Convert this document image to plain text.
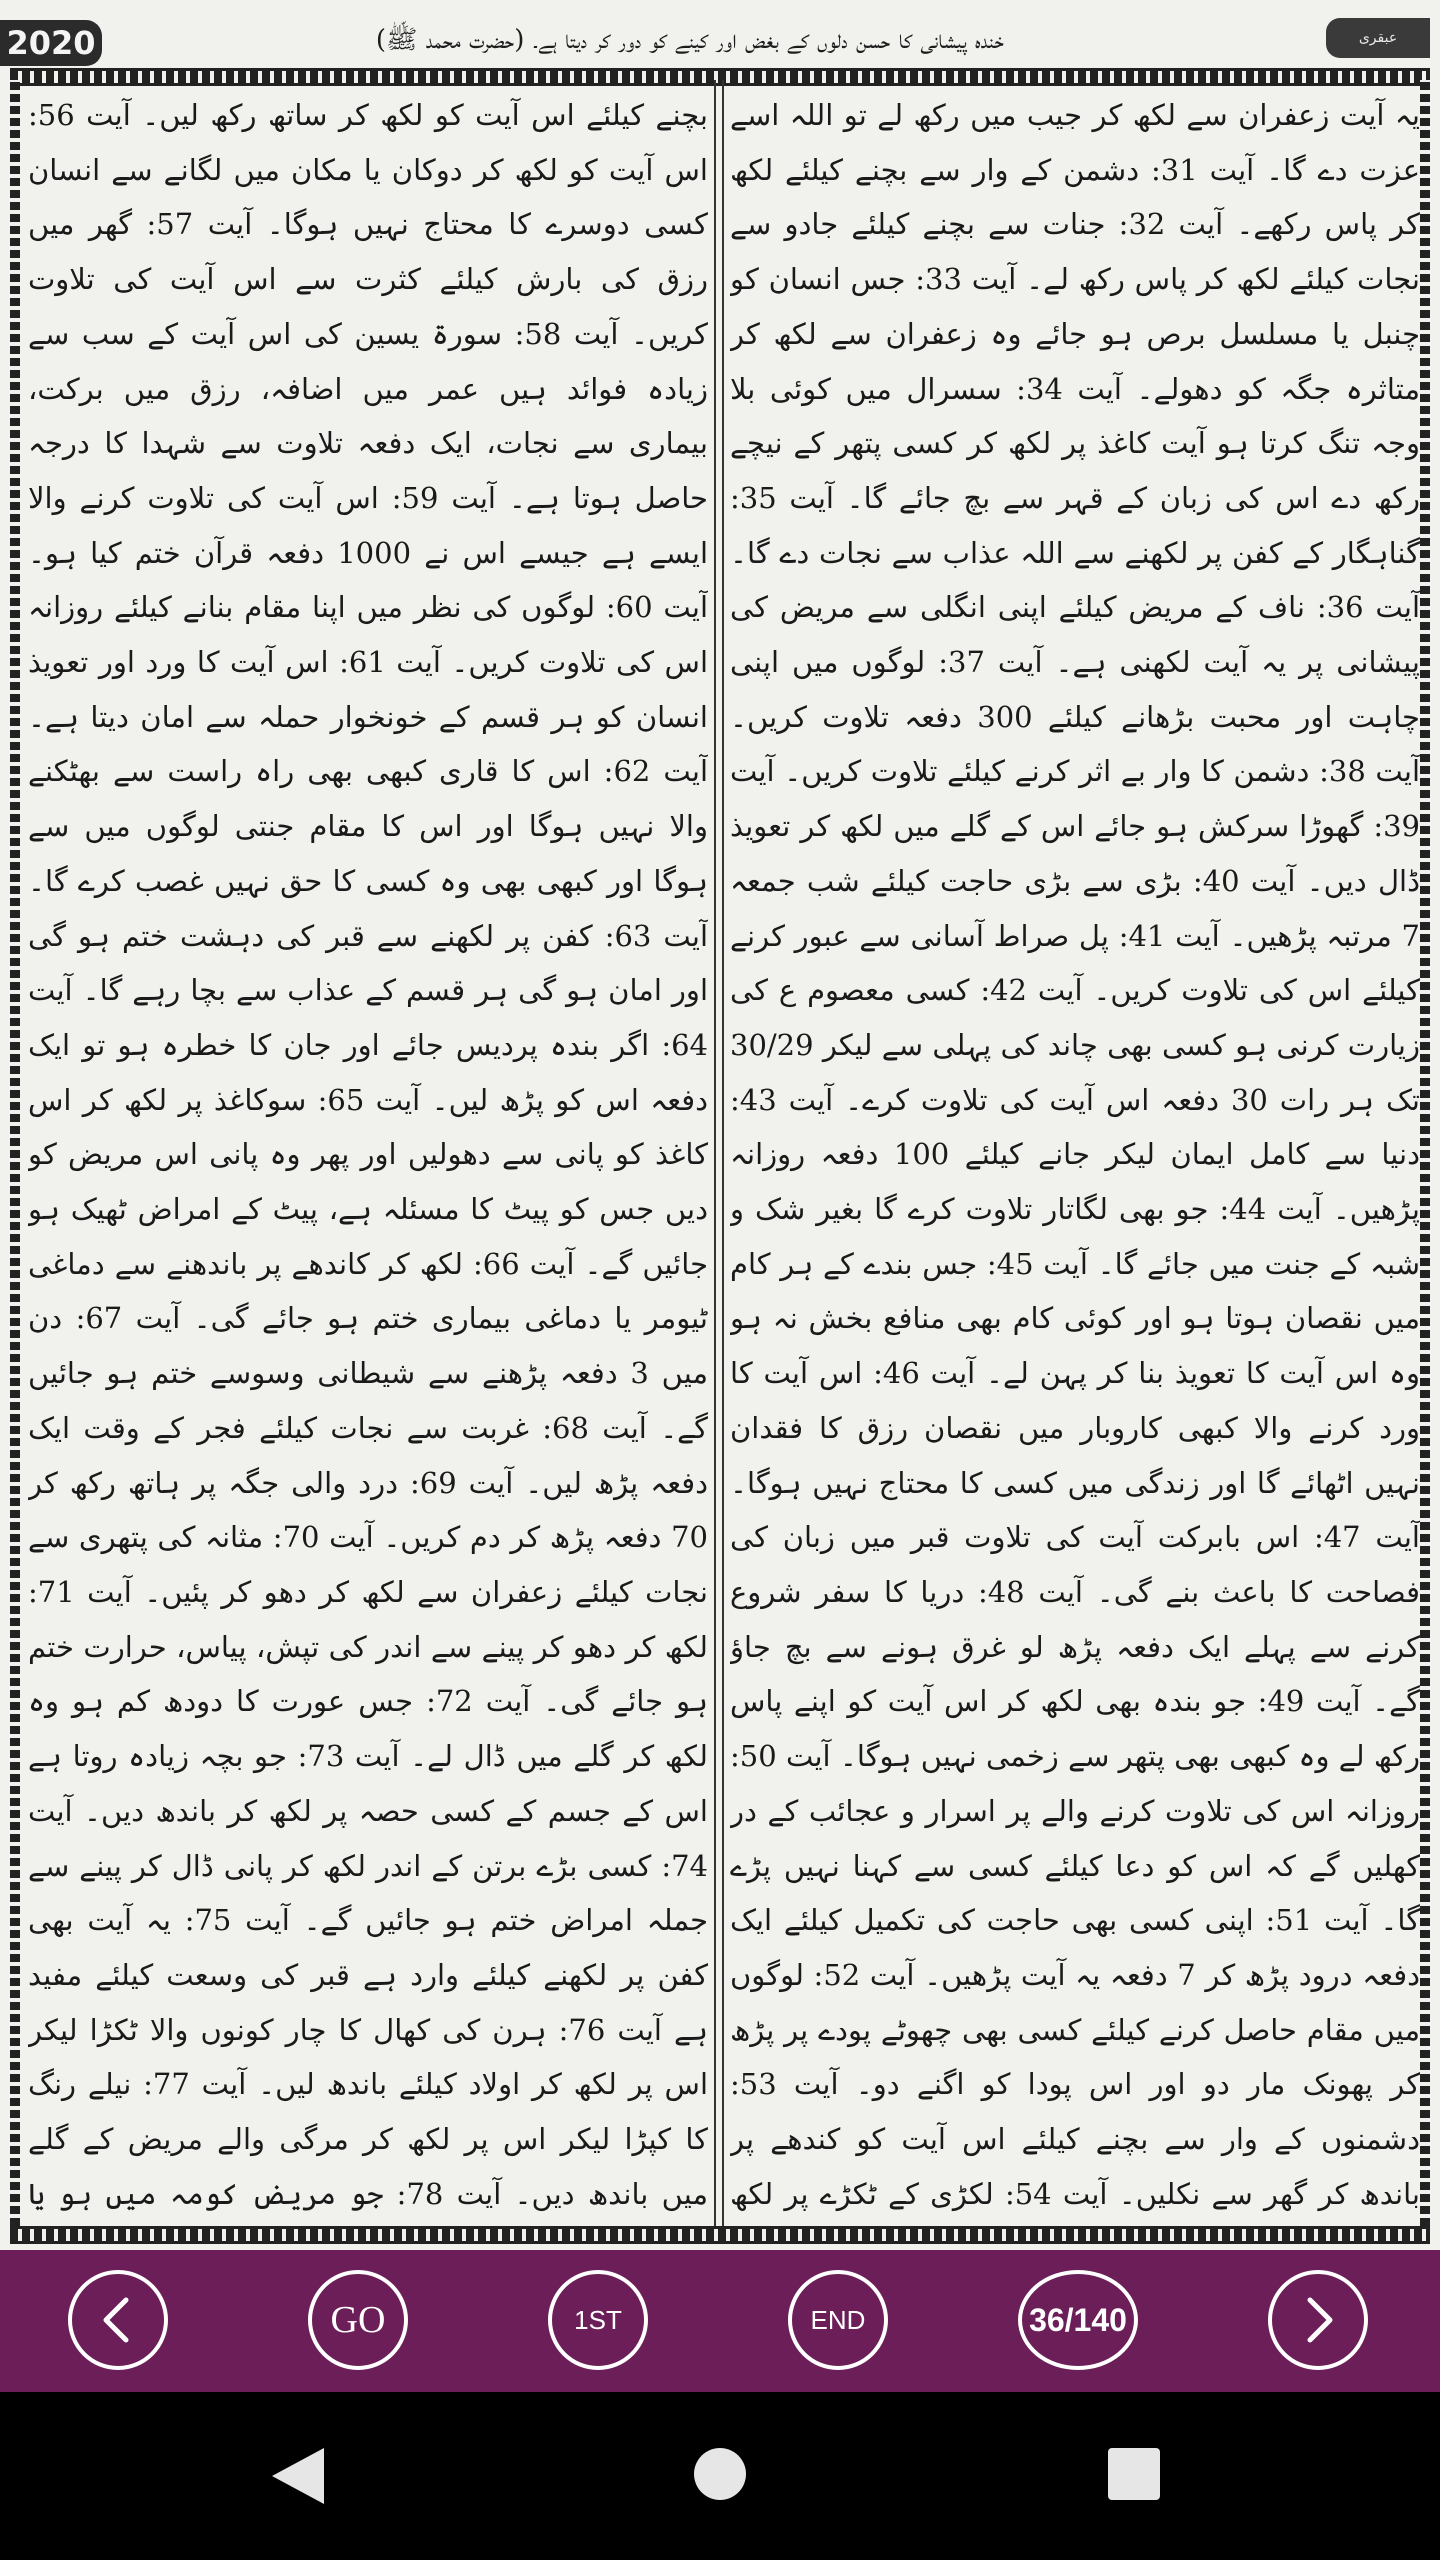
2020	خندہ پیشانی کا حسن دلوں کے بغض اور کینے کو دور کر دیتا ہے۔ (حضرت محمد ﷺ)	عبقری

یہ آیت زعفران سے لکھ کر جیب میں رکھ لے تو اللہ اسے عزت دے گا۔ آیت 31: دشمن کے وار سے بچنے کیلئے لکھ کر پاس رکھے۔ آیت 32: جنات سے بچنے کیلئے جادو سے نجات کیلئے لکھ کر پاس رکھ لے۔ آیت 33: جس انسان کو چنبل یا مسلسل برص ہو جائے وہ زعفران سے لکھ کر متاثرہ جگہ کو دھولے۔ آیت 34: سسرال میں کوئی بلا وجہ تنگ کرتا ہو آیت کاغذ پر لکھ کر کسی پتھر کے نیچے رکھ دے اس کی زبان کے قہر سے بچ جائے گا۔ آیت 35: گناہگار کے کفن پر لکھنے سے اللہ عذاب سے نجات دے گا۔ آیت 36: ناف کے مریض کیلئے اپنی انگلی سے مریض کی پیشانی پر یہ آیت لکھنی ہے۔ آیت 37: لوگوں میں اپنی چاہت اور محبت بڑھانے کیلئے 300 دفعہ تلاوت کریں۔ آیت 38: دشمن کا وار بے اثر کرنے کیلئے تلاوت کریں۔ آیت 39: گھوڑا سرکش ہو جائے اس کے گلے میں لکھ کر تعویذ ڈال دیں۔ آیت 40: بڑی سے بڑی حاجت کیلئے شب جمعہ 7 مرتبہ پڑھیں۔ آیت 41: پل صراط آسانی سے عبور کرنے کیلئے اس کی تلاوت کریں۔ آیت 42: کسی معصوم ع کی زیارت کرنی ہو کسی بھی چاند کی پہلی سے لیکر 30/29 تک ہر رات 30 دفعہ اس آیت کی تلاوت کرے۔ آیت 43: دنیا سے کامل ایمان لیکر جانے کیلئے 100 دفعہ روزانہ پڑھیں۔ آیت 44: جو بھی لگاتار تلاوت کرے گا بغیر شک و شبہ کے جنت میں جائے گا۔ آیت 45: جس بندے کے ہر کام میں نقصان ہوتا ہو اور کوئی کام بھی منافع بخش نہ ہو وہ اس آیت کا تعویذ بنا کر پہن لے۔ آیت 46: اس آیت کا ورد کرنے والا کبھی کاروبار میں نقصان رزق کا فقدان نہیں اٹھائے گا اور زندگی میں کسی کا محتاج نہیں ہوگا۔ آیت 47: اس بابرکت آیت کی تلاوت قبر میں زبان کی فصاحت کا باعث بنے گی۔ آیت 48: دریا کا سفر شروع کرنے سے پہلے ایک دفعہ پڑھ لو غرق ہونے سے بچ جاؤ گے۔ آیت 49: جو بندہ بھی لکھ کر اس آیت کو اپنے پاس رکھ لے وہ کبھی بھی پتھر سے زخمی نہیں ہوگا۔ آیت 50: روزانہ اس کی تلاوت کرنے والے پر اسرار و عجائب کے در کھلیں گے کہ اس کو دعا کیلئے کسی سے کہنا نہیں پڑے گا۔ آیت 51: اپنی کسی بھی حاجت کی تکمیل کیلئے ایک دفعہ درود پڑھ کر 7 دفعہ یہ آیت پڑھیں۔ آیت 52: لوگوں میں مقام حاصل کرنے کیلئے کسی بھی چھوٹے پودے پر پڑھ کر پھونک مار دو اور اس پودا کو اگنے دو۔ آیت 53: دشمنوں کے وار سے بچنے کیلئے اس آیت کو کندھے پر باندھ کر گھر سے نکلیں۔ آیت 54: لکڑی کے ٹکڑے پر لکھ

بچنے کیلئے اس آیت کو لکھ کر ساتھ رکھ لیں۔ آیت 56: اس آیت کو لکھ کر دوکان یا مکان میں لگانے سے انسان کسی دوسرے کا محتاج نہیں ہوگا۔ آیت 57: گھر میں رزق کی بارش کیلئے کثرت سے اس آیت کی تلاوت کریں۔ آیت 58: سورۃ یسین کی اس آیت کے سب سے زیادہ فوائد ہیں عمر میں اضافہ، رزق میں برکت، بیماری سے نجات، ایک دفعہ تلاوت سے شہدا کا درجہ حاصل ہوتا ہے۔ آیت 59: اس آیت کی تلاوت کرنے والا ایسے ہے جیسے اس نے 1000 دفعہ قرآن ختم کیا ہو۔ آیت 60: لوگوں کی نظر میں اپنا مقام بنانے کیلئے روزانہ اس کی تلاوت کریں۔ آیت 61: اس آیت کا ورد اور تعویذ انسان کو ہر قسم کے خونخوار حملہ سے امان دیتا ہے۔ آیت 62: اس کا قاری کبھی بھی راہ راست سے بھٹکنے والا نہیں ہوگا اور اس کا مقام جنتی لوگوں میں سے ہوگا اور کبھی بھی وہ کسی کا حق نہیں غصب کرے گا۔ آیت 63: کفن پر لکھنے سے قبر کی دہشت ختم ہو گی اور امان ہو گی ہر قسم کے عذاب سے بچا رہے گا۔ آیت 64: اگر بندہ پردیس جائے اور جان کا خطرہ ہو تو ایک دفعہ اس کو پڑھ لیں۔ آیت 65: سوکاغذ پر لکھ کر اس کاغذ کو پانی سے دھولیں اور پھر وہ پانی اس مریض کو دیں جس کو پیٹ کا مسئلہ ہے، پیٹ کے امراض ٹھیک ہو جائیں گے۔ آیت 66: لکھ کر کاندھے پر باندھنے سے دماغی ٹیومر یا دماغی بیماری ختم ہو جائے گی۔ آیت 67: دن میں 3 دفعہ پڑھنے سے شیطانی وسوسے ختم ہو جائیں گے۔ آیت 68: غربت سے نجات کیلئے فجر کے وقت ایک دفعہ پڑھ لیں۔ آیت 69: درد والی جگہ پر ہاتھ رکھ کر 70 دفعہ پڑھ کر دم کریں۔ آیت 70: مثانہ کی پتھری سے نجات کیلئے زعفران سے لکھ کر دھو کر پئیں۔ آیت 71: لکھ کر دھو کر پینے سے اندر کی تپش، پیاس، حرارت ختم ہو جائے گی۔ آیت 72: جس عورت کا دودھ کم ہو وہ لکھ کر گلے میں ڈال لے۔ آیت 73: جو بچہ زیادہ روتا ہے اس کے جسم کے کسی حصہ پر لکھ کر باندھ دیں۔ آیت 74: کسی بڑے برتن کے اندر لکھ کر پانی ڈال کر پینے سے جملہ امراض ختم ہو جائیں گے۔ آیت 75: یہ آیت بھی کفن پر لکھنے کیلئے وارد ہے قبر کی وسعت کیلئے مفید ہے آیت 76: ہرن کی کھال کا چار کونوں والا ٹکڑا لیکر اس پر لکھ کر اولاد کیلئے باندھ لیں۔ آیت 77: نیلے رنگ کا کپڑا لیکر اس پر لکھ کر مرگی والے مریض کے گلے میں باندھ دیں۔ آیت 78: جو مریض کومہ میں ہو یا

GO	1ST	END	36/140
